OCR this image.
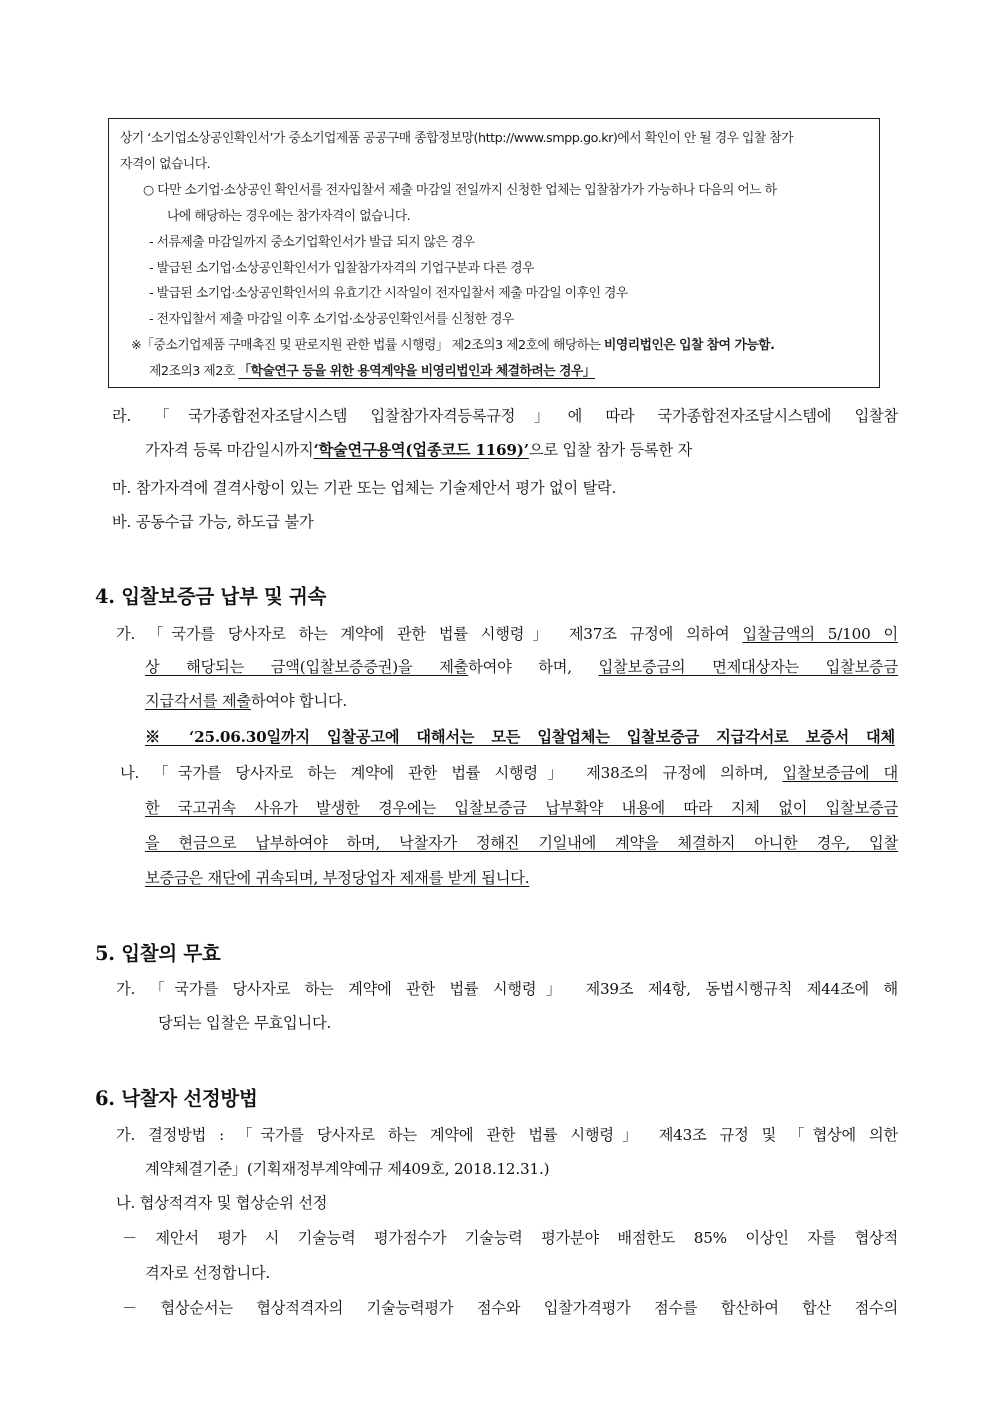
상기 ‘소기업소상공인확인서’가 중소기업제품 공공구매 종합정보망(http://www.smpp.go.kr)에서 확인이 안 될 경우 입찰 참가
자격이 없습니다.
○ 다만 소기업·소상공인 확인서를 전자입찰서 제출 마감일 전일까지 신청한 업체는 입찰참가가 가능하나 다음의 어느 하
나에 해당하는 경우에는 참가자격이 없습니다.
- 서류제출 마감일까지 중소기업확인서가 발급 되지 않은 경우
- 발급된 소기업·소상공인확인서가 입찰참가자격의 기업구분과 다른 경우
- 발급된 소기업·소상공인확인서의 유효기간 시작일이 전자입찰서 제출 마감일 이후인 경우
- 전자입찰서 제출 마감일 이후 소기업·소상공인확인서를 신청한 경우
※「중소기업제품 구매촉진 및 판로지원 관한 법률 시행령」 제2조의3 제2호에 해당하는 비영리법인은 입찰 참여 가능함.
제2조의3 제2호 「학술연구 등을 위한 용역계약을 비영리법인과 체결하려는 경우」
라. 「국가종합전자조달시스템 입찰참가자격등록규정」에 따라 국가종합전자조달시스템에 입찰참
가자격 등록 마감일시까지‘학술연구용역(업종코드 1169)’으로 입찰 참가 등록한 자
마. 참가자격에 결격사항이 있는 기관 또는 업체는 기술제안서 평가 없이 탈락.
바. 공동수급 가능, 하도급 불가
4. 입찰보증금 납부 및 귀속
가. 「국가를 당사자로 하는 계약에 관한 법률 시행령」 제37조 규정에 의하여 입찰금액의 5/100 이
상 해당되는 금액(입찰보증증권)을 제출하여야 하며, 입찰보증금의 면제대상자는 입찰보증금
지급각서를 제출하여야 합니다.
※ ‘25.06.30일까지 입찰공고에 대해서는 모든 입찰업체는 입찰보증금 지급각서로 보증서 대체
나. 「국가를 당사자로 하는 계약에 관한 법률 시행령」 제38조의 규정에 의하며, 입찰보증금에 대
한 국고귀속 사유가 발생한 경우에는 입찰보증금 납부확약 내용에 따라 지체 없이 입찰보증금
을 현금으로 납부하여야 하며, 낙찰자가 정해진 기일내에 계약을 체결하지 아니한 경우, 입찰
보증금은 재단에 귀속되며, 부정당업자 제재를 받게 됩니다.
5. 입찰의 무효
가. 「국가를 당사자로 하는 계약에 관한 법률 시행령」 제39조 제4항, 동법시행규칙 제44조에 해
당되는 입찰은 무효입니다.
6. 낙찰자 선정방법
가. 결정방법 : 「국가를 당사자로 하는 계약에 관한 법률 시행령」 제43조 규정 및 「협상에 의한
계약체결기준」(기획재정부계약예규 제409호, 2018.12.31.)
나. 협상적격자 및 협상순위 선정
－ 제안서 평가 시 기술능력 평가점수가 기술능력 평가분야 배점한도 85% 이상인 자를 협상적
격자로 선정합니다.
－ 협상순서는 협상적격자의 기술능력평가 점수와 입찰가격평가 점수를 합산하여 합산 점수의
